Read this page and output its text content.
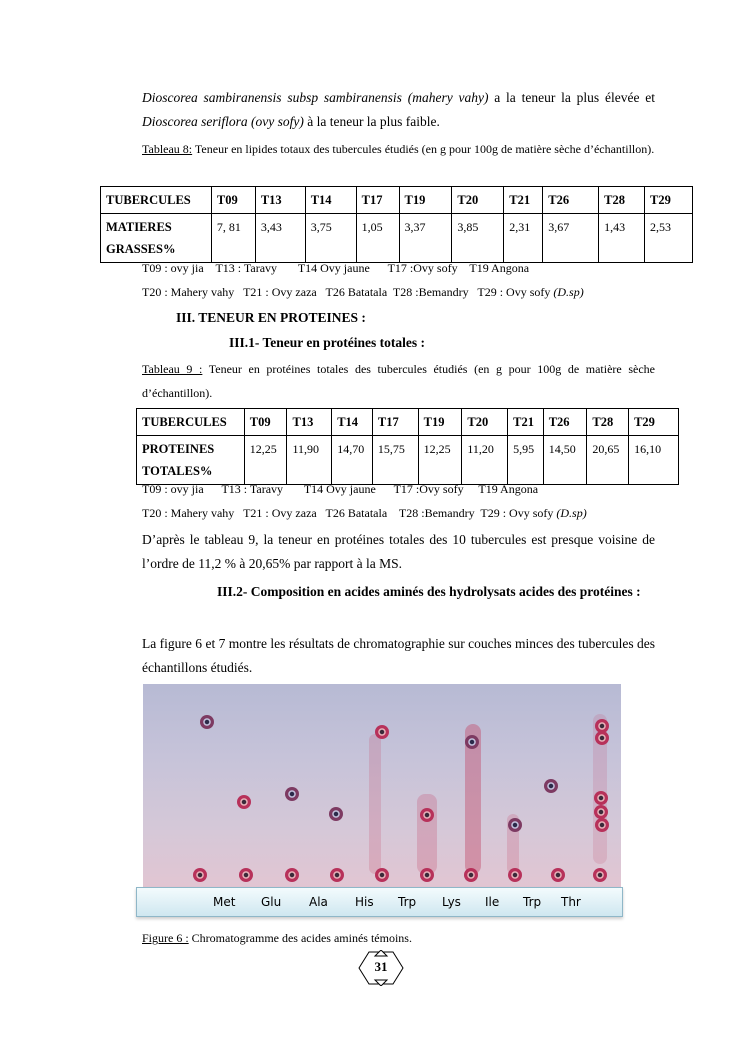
Dioscorea sambiranensis subsp sambiranensis (mahery vahy) a la teneur la plus élevée et Dioscorea seriflora (ovy sofy) à la teneur la plus faible.
Tableau 8: Teneur en lipides totaux des tubercules étudiés (en g pour 100g de matière sèche d’échantillon).
TUBERCULES	T09	T13	T14	T17	T19	T20	T21	T26	T28	T29
MATIERES GRASSES%	7, 81	3,43	3,75	1,05	3,37	3,85	2,31	3,67	1,43	2,53
T09 : ovy jia    T13 : Taravy       T14 Ovy jaune      T17 :Ovy sofy    T19 Angona
T20 : Mahery vahy   T21 : Ovy zaza   T26 Batatala  T28 :Bemandry   T29 : Ovy sofy (D.sp)
III. TENEUR EN PROTEINES :
III.1- Teneur en protéines totales :
Tableau 9 : Teneur en protéines totales des tubercules étudiés (en g pour 100g de matière sèche d’échantillon).
TUBERCULES	T09	T13	T14	T17	T19	T20	T21	T26	T28	T29
PROTEINES TOTALES%	12,25	11,90	14,70	15,75	12,25	11,20	5,95	14,50	20,65	16,10
T09 : ovy jia      T13 : Taravy       T14 Ovy jaune      T17 :Ovy sofy     T19 Angona
T20 : Mahery vahy   T21 : Ovy zaza   T26 Batatala    T28 :Bemandry  T29 : Ovy sofy (D.sp)
D’après le tableau 9, la teneur en protéines totales des 10 tubercules est presque voisine de l’ordre de 11,2 % à 20,65% par rapport à la MS.
III.2- Composition en acides aminés des hydrolysats acides des protéines :
La figure 6 et 7 montre les résultats de chromatographie sur couches minces des tubercules des échantillons étudiés.
Met Glu Ala His Trp Lys Ile Trp Thr
Figure 6 : Chromatogramme des acides aminés témoins.
31
